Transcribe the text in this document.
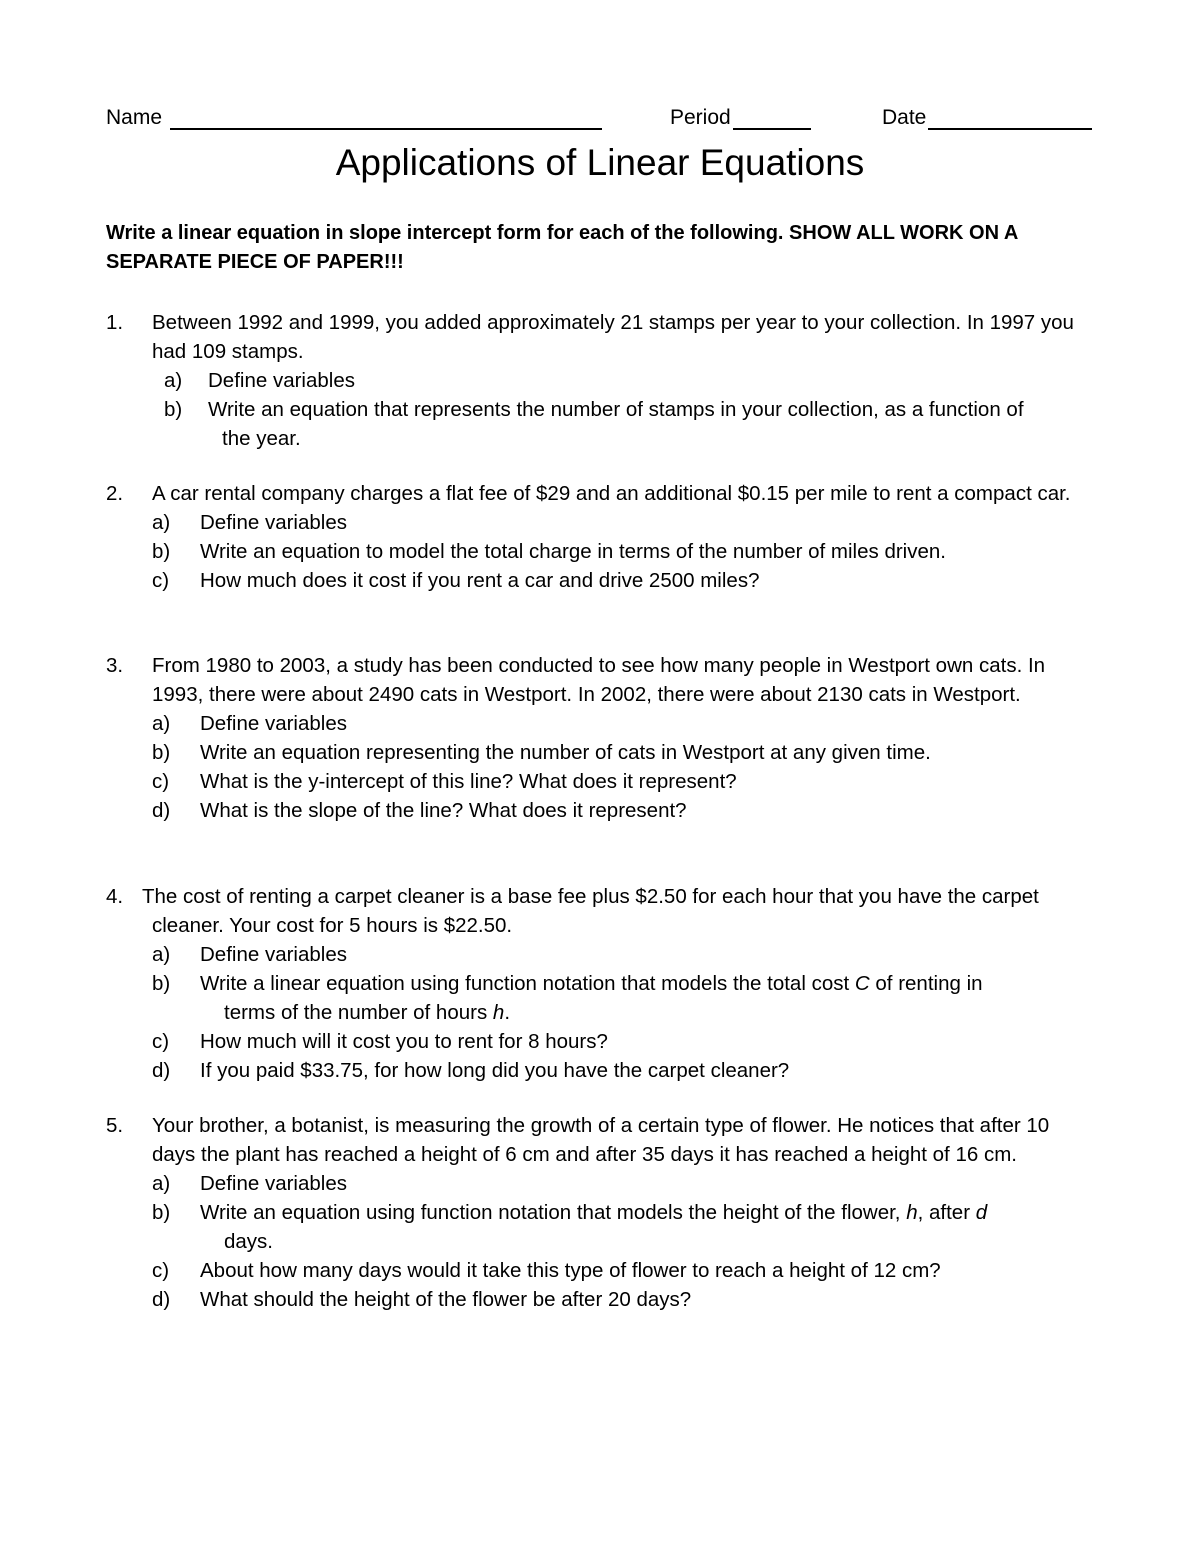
Name	Period	Date
Applications of Linear Equations
Write a linear equation in slope intercept form for each of the following. SHOW ALL WORK ON A SEPARATE PIECE OF PAPER!!!
1. Between 1992 and 1999, you added approximately 21 stamps per year to your collection. In 1997 you had 109 stamps.
a) Define variables
b) Write an equation that represents the number of stamps in your collection, as a function of
the year.
2. A car rental company charges a flat fee of $29 and an additional $0.15 per mile to rent a compact car.
a) Define variables
b) Write an equation to model the total charge in terms of the number of miles driven.
c) How much does it cost if you rent a car and drive 2500 miles?
3. From 1980 to 2003, a study has been conducted to see how many people in Westport own cats. In 1993, there were about 2490 cats in Westport. In 2002, there were about 2130 cats in Westport.
a) Define variables
b) Write an equation representing the number of cats in Westport at any given time.
c) What is the y-intercept of this line? What does it represent?
d) What is the slope of the line? What does it represent?
4. The cost of renting a carpet cleaner is a base fee plus $2.50 for each hour that you have the carpet
cleaner. Your cost for 5 hours is $22.50.
a) Define variables
b) Write a linear equation using function notation that models the total cost C of renting in
terms of the number of hours h.
c) How much will it cost you to rent for 8 hours?
d) If you paid $33.75, for how long did you have the carpet cleaner?
5. Your brother, a botanist, is measuring the growth of a certain type of flower. He notices that after 10 days the plant has reached a height of 6 cm and after 35 days it has reached a height of 16 cm.
a) Define variables
b) Write an equation using function notation that models the height of the flower, h, after d
days.
c) About how many days would it take this type of flower to reach a height of 12 cm?
d) What should the height of the flower be after 20 days?
